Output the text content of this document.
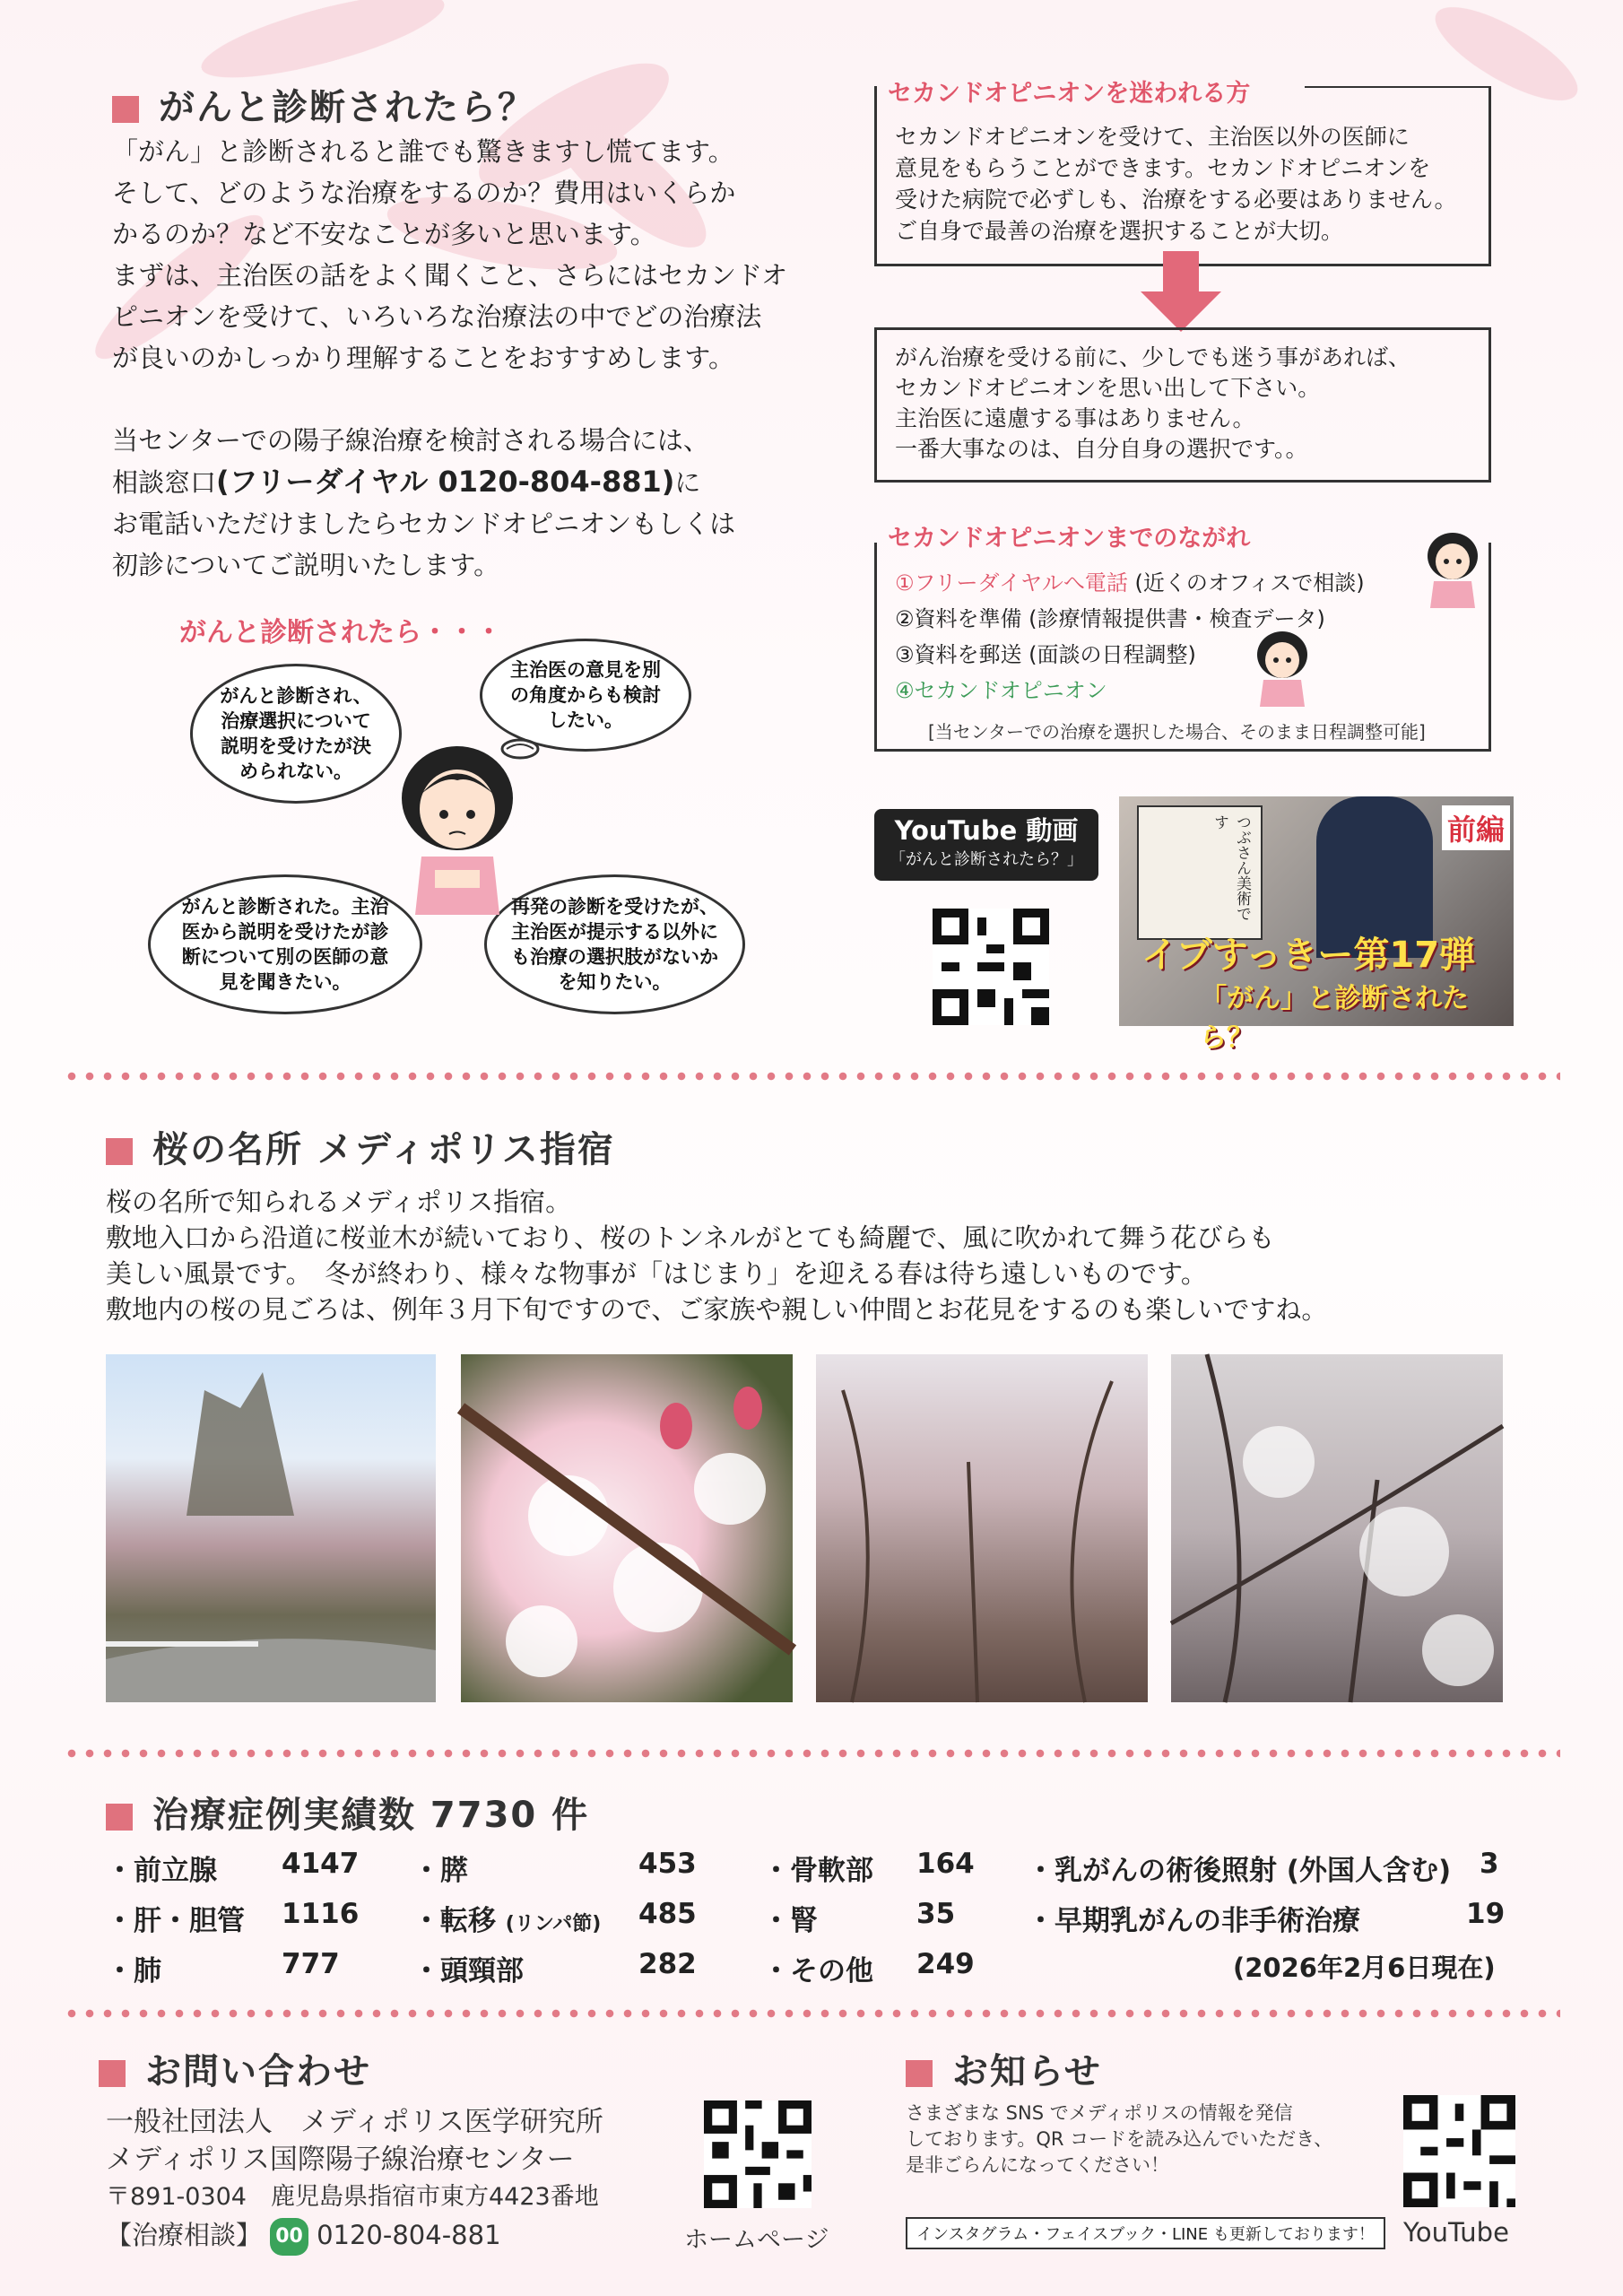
がんと診断されたら？
「がん」と診断されると誰でも驚きますし慌てます。
そして、どのような治療をするのか？費用はいくらか
かるのか？など不安なことが多いと思います。
まずは、主治医の話をよく聞くこと、さらにはセカンドオ
ピニオンを受けて、いろいろな治療法の中でどの治療法
が良いのかしっかり理解することをおすすめします。
当センターでの陽子線治療を検討される場合には、
相談窓口(フリーダイヤル 0120-804-881)に
お電話いただけましたらセカンドオピニオンもしくは
初診についてご説明いたします。
がんと診断されたら・・・
がんと診断され、治療選択について説明を受けたが決められない。
主治医の意見を別の角度からも検討したい。
がんと診断された。主治医から説明を受けたが診断について別の医師の意見を聞きたい。
再発の診断を受けたが、主治医が提示する以外にも治療の選択肢がないかを知りたい。
セカンドオピニオンを迷われる方
セカンドオピニオンを受けて、主治医以外の医師に
意見をもらうことができます。セカンドオピニオンを
受けた病院で必ずしも、治療をする必要はありません。
ご自身で最善の治療を選択することが大切。
がん治療を受ける前に、少しでも迷う事があれば、
セカンドオピニオンを思い出して下さい。
主治医に遠慮する事はありません。
一番大事なのは、自分自身の選択です。。
セカンドオピニオンまでのながれ
①フリーダイヤルへ電話 (近くのオフィスで相談)
②資料を準備 (診療情報提供書・検査データ)
③資料を郵送 (面談の日程調整)
④セカンドオピニオン
[当センターでの治療を選択した場合、そのまま日程調整可能]
YouTube 動画
「がんと診断されたら？」	つぶさん美術です	前編
イブすっきー第17弾
「がん」と診断されたら？
桜の名所 メディポリス指宿
桜の名所で知られるメディポリス指宿。
敷地入口から沿道に桜並木が続いており、桜のトンネルがとても綺麗で、風に吹かれて舞う花びらも
美しい風景です。　冬が終わり、様々な物事が「はじまり」を迎える春は待ち遠しいものです。
敷地内の桜の見ごろは、例年３月下旬ですので、ご家族や親しい仲間とお花見をするのも楽しいですね。
治療症例実績数 7730 件
・前立腺 4147 ・膵	453 ・骨軟部 164 ・乳がんの術後照射 (外国人含む) 3
・肝・胆管 1116 ・転移 (リンパ節) 485 ・腎	35	・早期乳がんの非手術治療	19
・肺	777	・頭頸部	282 ・その他 249	(2026年2月6日現在)
お問い合わせ
一般社団法人　メディポリス医学研究所
メディポリス国際陽子線治療センター
〒891-0304　鹿児島県指宿市東方4423番地
【治療相談】 00 0120-804-881	ホームページ
お知らせ
さまざまな SNS でメディポリスの情報を発信
しております。QR コードを読み込んでいただき、
是非ごらんになってください！
インスタグラム・フェイスブック・LINE も更新しております！	YouTube
